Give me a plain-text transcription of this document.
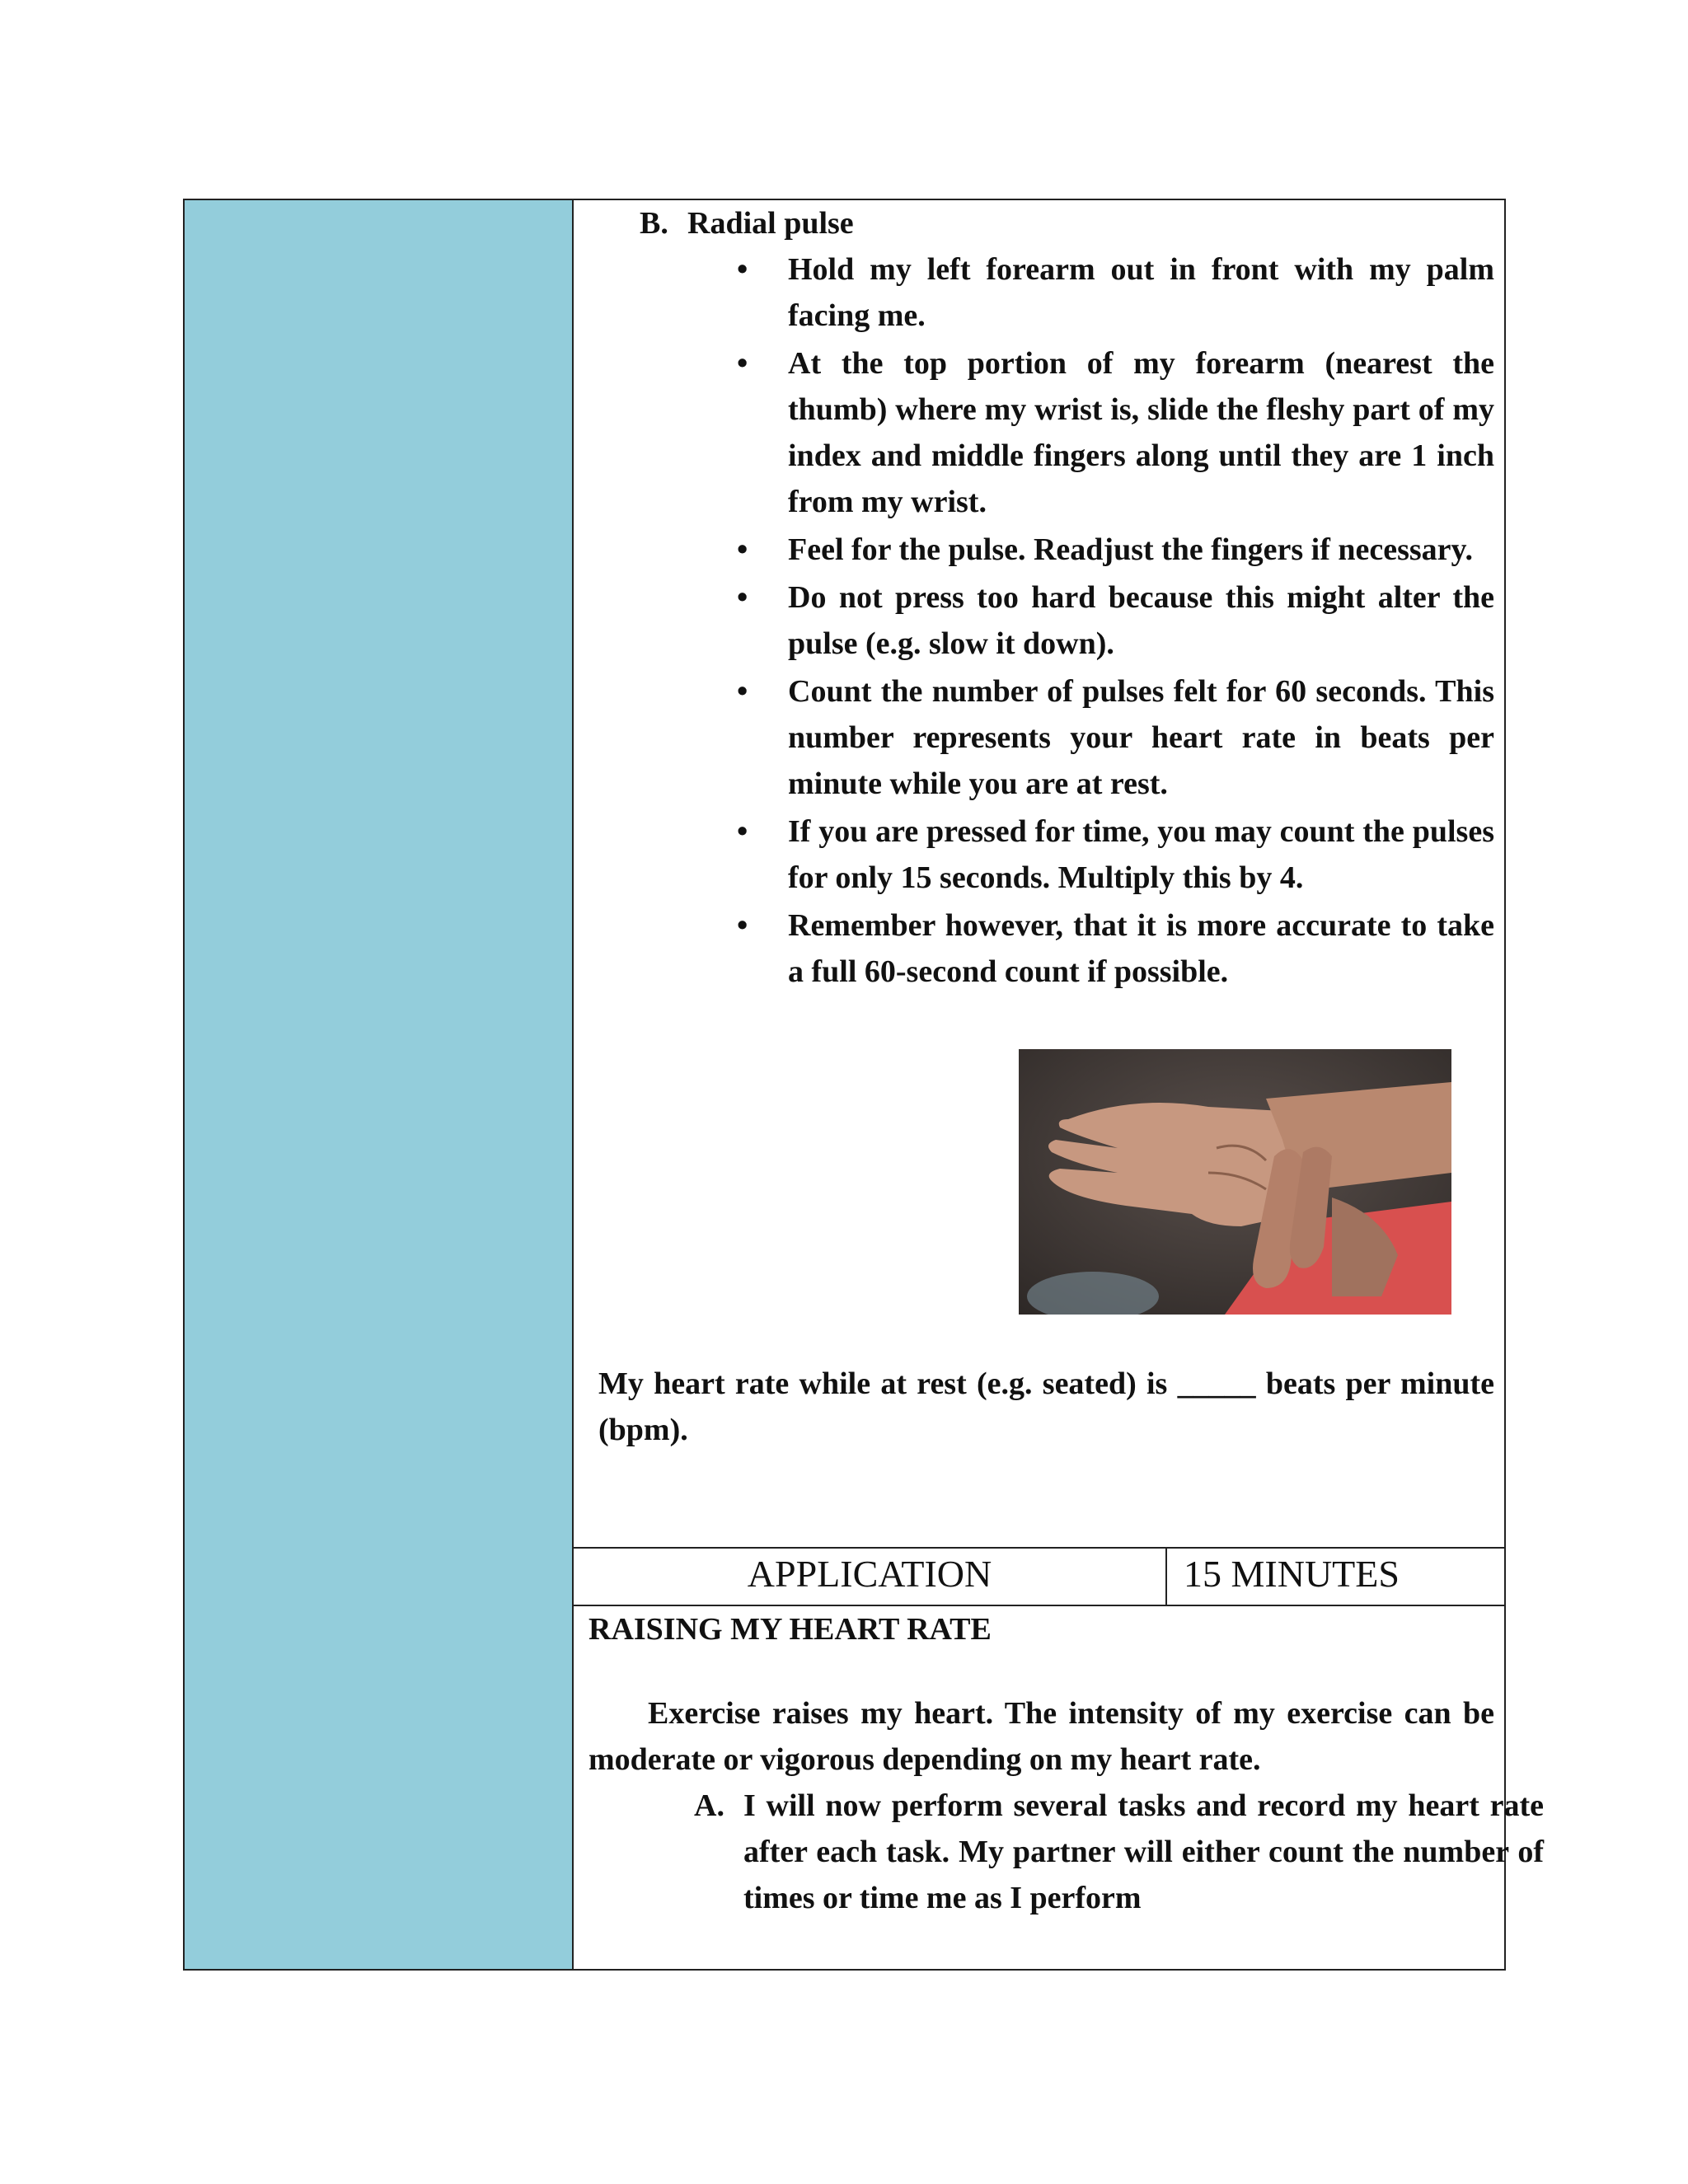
B. Radial pulse
• Hold my left forearm out in front with my palm facing me.
• At the top portion of my forearm (nearest the thumb) where my wrist is, slide the fleshy part of my index and middle fingers along until they are 1 inch from my wrist.
• Feel for the pulse. Readjust the fingers if necessary.
• Do not press too hard because this might alter the pulse (e.g. slow it down).
• Count the number of pulses felt for 60 seconds. This number represents your heart rate in beats per minute while you are at rest.
• If you are pressed for time, you may count the pulses for only 15 seconds. Multiply this by 4.
• Remember however, that it is more accurate to take a full 60-second count if possible.
My heart rate while at rest (e.g. seated) is _____ beats per minute (bpm).
APPLICATION	15 MINUTES
RAISING MY HEART RATE

Exercise raises my heart. The intensity of my exercise can be moderate or vigorous depending on my heart rate.

A. I will now perform several tasks and record my heart rate after each task. My partner will either count the number of times or time me as I perform
